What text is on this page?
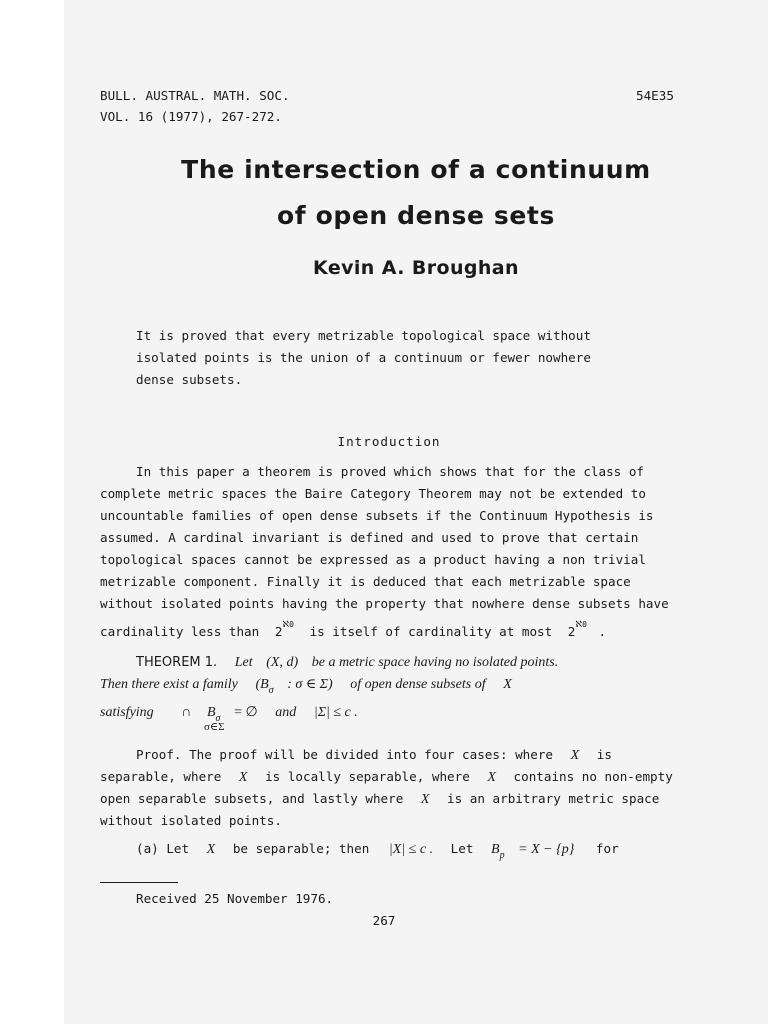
BULL. AUSTRAL. MATH. SOC.
VOL. 16 (1977), 267-272.
54E35
The intersection of a continuum
of open dense sets
Kevin A. Broughan
It is proved that every metrizable topological space without
isolated points is the union of a continuum or fewer nowhere
dense subsets.
Introduction
In this paper a theorem is proved which shows that for the class of
complete metric spaces the Baire Category Theorem may not be extended to
uncountable families of open dense subsets if the Continuum Hypothesis is
assumed. A cardinal invariant is defined and used to prove that certain
topological spaces cannot be expressed as a product having a non trivial
metrizable component. Finally it is deduced that each metrizable space
without isolated points having the property that nowhere dense subsets have
cardinality less than $2^{ℵ0}$ is itself of cardinality at most $2^{ℵ0}$ .
THEOREM 1. Let (X, d) be a metric space having no isolated points.
Then there exist a family ($B_\sigma$ : σ ∈ Σ) of open dense subsets of X
satisfying ∩ $B_\sigma$ = ∅ and |Σ| ≤ c .
σ∈Σ
Proof. The proof will be divided into four cases: where X is
separable, where X is locally separable, where X contains no non-empty
open separable subsets, and lastly where X is an arbitrary metric space
without isolated points.
(a) Let X be separable; then |X| ≤ c . Let $B_p = X - \{p\}$ for
Received 25 November 1976.
267
